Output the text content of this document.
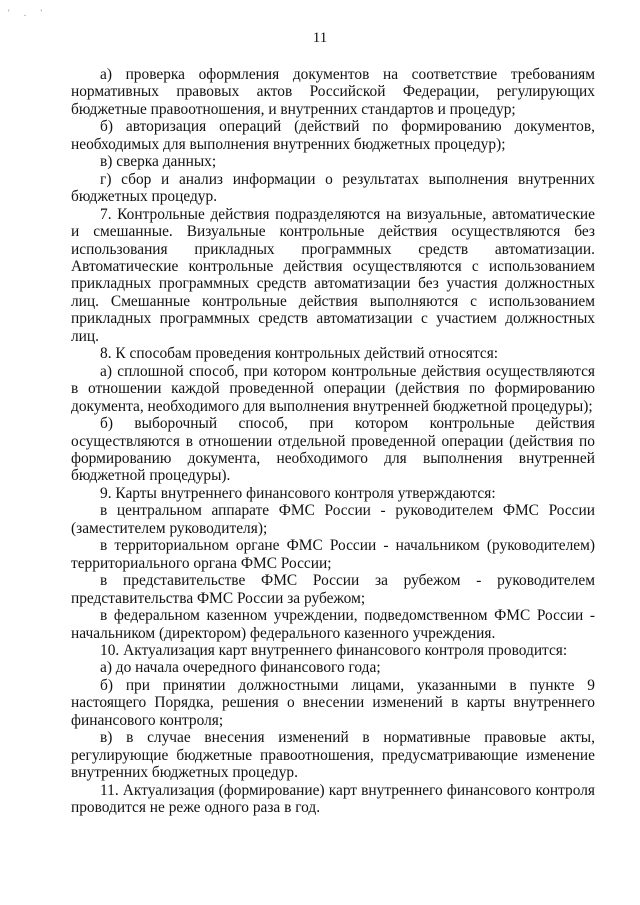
' . '
11

а) проверка оформления документов на соответствие требованиям нормативных правовых актов Российской Федерации, регулирующих бюджетные правоотношения, и внутренних стандартов и процедур;

б) авторизация операций (действий по формированию документов, необходимых для выполнения внутренних бюджетных процедур);

в) сверка данных;

г) сбор и анализ информации о результатах выполнения внутренних бюджетных процедур.

7. Контрольные действия подразделяются на визуальные, автоматические и смешанные. Визуальные контрольные действия осуществляются без использования прикладных программных средств автоматизации. Автоматические контрольные действия осуществляются с использованием прикладных программных средств автоматизации без участия должностных лиц. Смешанные контрольные действия выполняются с использованием прикладных программных средств автоматизации с участием должностных лиц.

8. К способам проведения контрольных действий относятся:

а) сплошной способ, при котором контрольные действия осуществляются в отношении каждой проведенной операции (действия по формированию документа, необходимого для выполнения внутренней бюджетной процедуры);

б) выборочный способ, при котором контрольные действия осуществляются в отношении отдельной проведенной операции (действия по формированию документа, необходимого для выполнения внутренней бюджетной процедуры).

9. Карты внутреннего финансового контроля утверждаются:

в центральном аппарате ФМС России - руководителем ФМС России (заместителем руководителя);

в территориальном органе ФМС России - начальником (руководителем) территориального органа ФМС России;

в представительстве ФМС России за рубежом - руководителем представительства ФМС России за рубежом;

в федеральном казенном учреждении, подведомственном ФМС России - начальником (директором) федерального казенного учреждения.

10. Актуализация карт внутреннего финансового контроля проводится:

а) до начала очередного финансового года;

б) при принятии должностными лицами, указанными в пункте 9 настоящего Порядка, решения о внесении изменений в карты внутреннего финансового контроля;

в) в случае внесения изменений в нормативные правовые акты, регулирующие бюджетные правоотношения, предусматривающие изменение внутренних бюджетных процедур.

11. Актуализация (формирование) карт внутреннего финансового контроля проводится не реже одного раза в год.
